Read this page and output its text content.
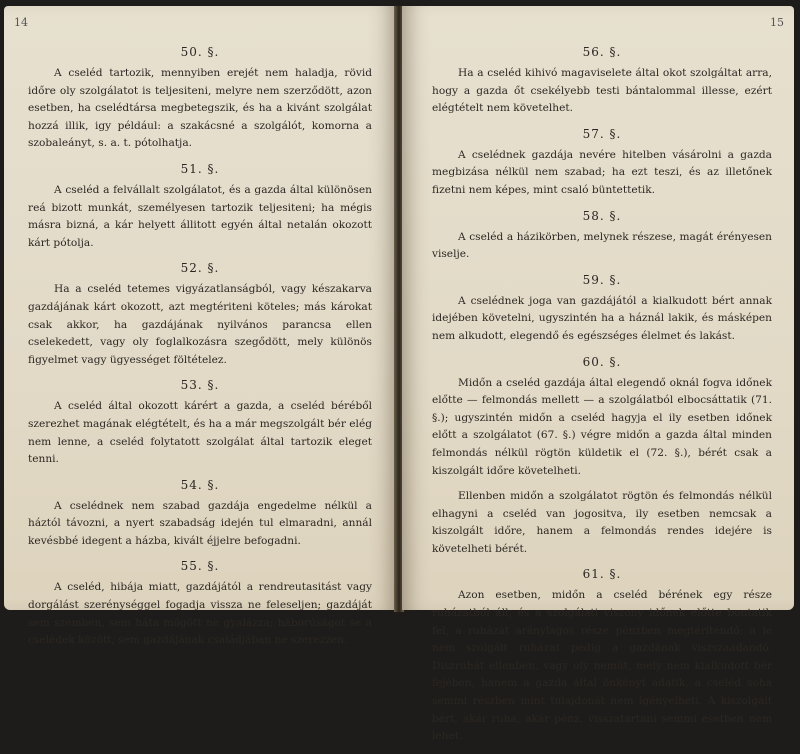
14
50. §.

A cseléd tartozik, mennyiben erejét nem haladja, rövid időre oly szolgálatot is teljesiteni, melyre nem szerződött, azon esetben, ha cselédtársa megbetegszik, és ha a kivánt szolgálat hozzá illik, igy például: a szakácsné a szolgálót, komorna a szobaleányt, s. a. t. pótolhatja.

51. §.

A cseléd a felvállalt szolgálatot, és a gazda által különösen reá bizott munkát, személyesen tartozik teljesiteni; ha mégis másra bizná, a kár helyett állitott egyén által netalán okozott kárt pótolja.

52. §.

Ha a cseléd tetemes vigyázatlanságból, vagy készakarva gazdájának kárt okozott, azt megtériteni köteles; más károkat csak akkor, ha gazdájának nyilvános parancsa ellen cselekedett, vagy oly foglalkozásra szegődött, mely különös figyelmet vagy ügyességet föltételez.

53. §.

A cseléd által okozott kárért a gazda, a cseléd béréből szerezhet magának elégtételt, és ha a már megszolgált bér elég nem lenne, a cseléd folytatott szolgálat által tartozik eleget tenni.

54. §.

A cselédnek nem szabad gazdája engedelme nélkül a háztól távozni, a nyert szabadság idején tul elmaradni, annál kevésbbé idegent a házba, kivált éjjelre befogadni.

55. §.

A cseléd, hibája miatt, gazdájától a rendreutasitást vagy dorgálást szerénységgel fogadja vissza ne feleseljen; gazdáját sem szemben, sem háta mögött ne gyalázza; háborúságot se a cselédek között, sem gazdájának családjában ne szerezzen.

15
56. §.

Ha a cseléd kihivó magaviselete által okot szolgáltat arra, hogy a gazda őt csekélyebb testi bántalommal illesse, ezért elégtételt nem követelhet.

57. §.

A cselédnek gazdája nevére hitelben vásárolni a gazda megbizása nélkül nem szabad; ha ezt teszi, és az illetőnek fizetni nem képes, mint csaló büntettetik.

58. §.

A cseléd a házikörben, melynek részese, magát érényesen viselje.

59. §.

A cselédnek joga van gazdájától a kialkudott bért annak idejében követelni, ugyszintén ha a háznál lakik, és másképen nem alkudott, elegendő és egészséges élelmet és lakást.

60. §.

Midőn a cseléd gazdája által elegendő oknál fogva időnek előtte — felmondás mellett — a szolgálatból elbocsáttatik (71. §.); ugyszintén midőn a cseléd hagyja el ily esetben időnek előtt a szolgálatot (67. §.) végre midőn a gazda által minden felmondás nélkül rögtön küldetik el (72. §.), bérét csak a kiszolgált időre követelheti.

Ellenben midőn a szolgálatot rögtön és felmondás nélkül elhagyni a cseléd van jogositva, ily esetben nemcsak a kiszolgált időre, hanem a felmondás rendes idejére is követelheti bérét.

61. §.

Azon esetben, midőn a cseléd bérének egy része ruházatból áll, és a szolgálati viszony időnek előtte bontatik fel, a ruházat aránylagos része pénzben megtérítendő; a le nem szolgált ruházat pedig a gazdának viszszaadandó. Diszruhát ellenben, vagy oly neműt, mely nem kialkudott bér fejében, hanem a gazda által önkényt adatik, a cseléd soha semmi részben mint tulajdonát nem igényelheti. A kiszolgált bért, akár ruha, akár pénz, visszatartani semmi esetben nem lehet.
